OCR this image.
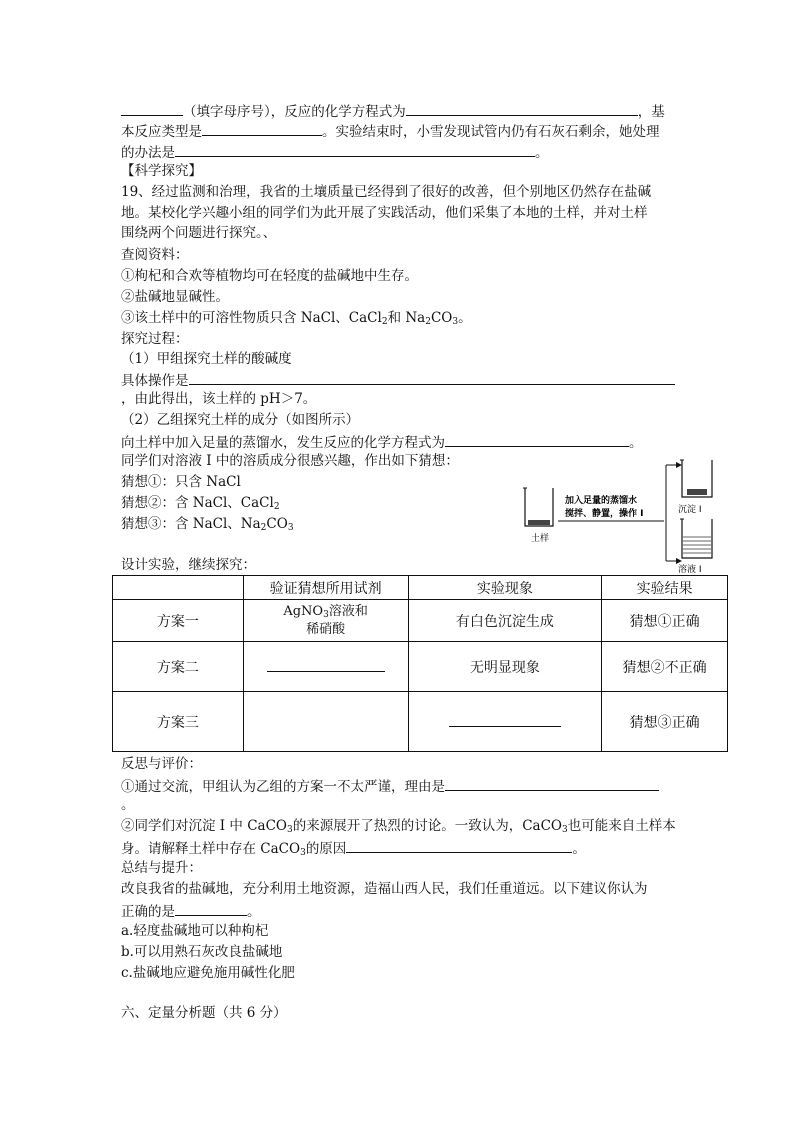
（填字母序号），反应的化学方程式为	，基
本反应类型是	。实验结束时，小雪发现试管内仍有石灰石剩余，她处理
的办法是	。
【科学探究】
19、经过监测和治理，我省的土壤质量已经得到了很好的改善，但个别地区仍然存在盐碱
地。某校化学兴趣小组的同学们为此开展了实践活动，他们采集了本地的土样，并对土样
围绕两个问题进行探究。、
查阅资料：
①枸杞和合欢等植物均可在轻度的盐碱地中生存。
②盐碱地显碱性。
③该土样中的可溶性物质只含 NaCl、CaCl$_2$和 $Na_2CO_3$。
探究过程：
（1）甲组探究土样的酸碱度
具体操作是
，由此得出，该土样的 pH＞7。
（2）乙组探究土样的成分（如图所示）
向土样中加入足量的蒸馏水，发生反应的化学方程式为	。
同学们对溶液 I 中的溶质成分很感兴趣，作出如下猜想：
猜想①：只含 NaCl
猜想②：含 NaCl、CaCl$_2$
猜想③：含 NaCl、$Na_2CO_3$
设计实验，继续探究：
土样
加入足量的蒸馏水
搅拌、静置，操作 I	沉淀 I
溶液 I
	验证猜想所用试剂	实验现象	实验结果
方案一	AgNO$_3$溶液和
稀硝酸	有白色沉淀生成	猜想①正确
方案二		无明显现象	猜想②不正确
方案三			猜想③正确
反思与评价：
①通过交流，甲组认为乙组的方案一不太严谨，理由是
。
②同学们对沉淀 I 中 CaCO$_3$的来源展开了热烈的讨论。一致认为，CaCO$_3$也可能来自土样本
身。请解释土样中存在 CaCO$_3$的原因	。
总结与提升：
改良我省的盐碱地，充分利用土地资源，造福山西人民，我们任重道远。以下建议你认为
正确的是	。
a.轻度盐碱地可以种枸杞
b.可以用熟石灰改良盐碱地
c.盐碱地应避免施用碱性化肥
六、定量分析题（共 6 分）
